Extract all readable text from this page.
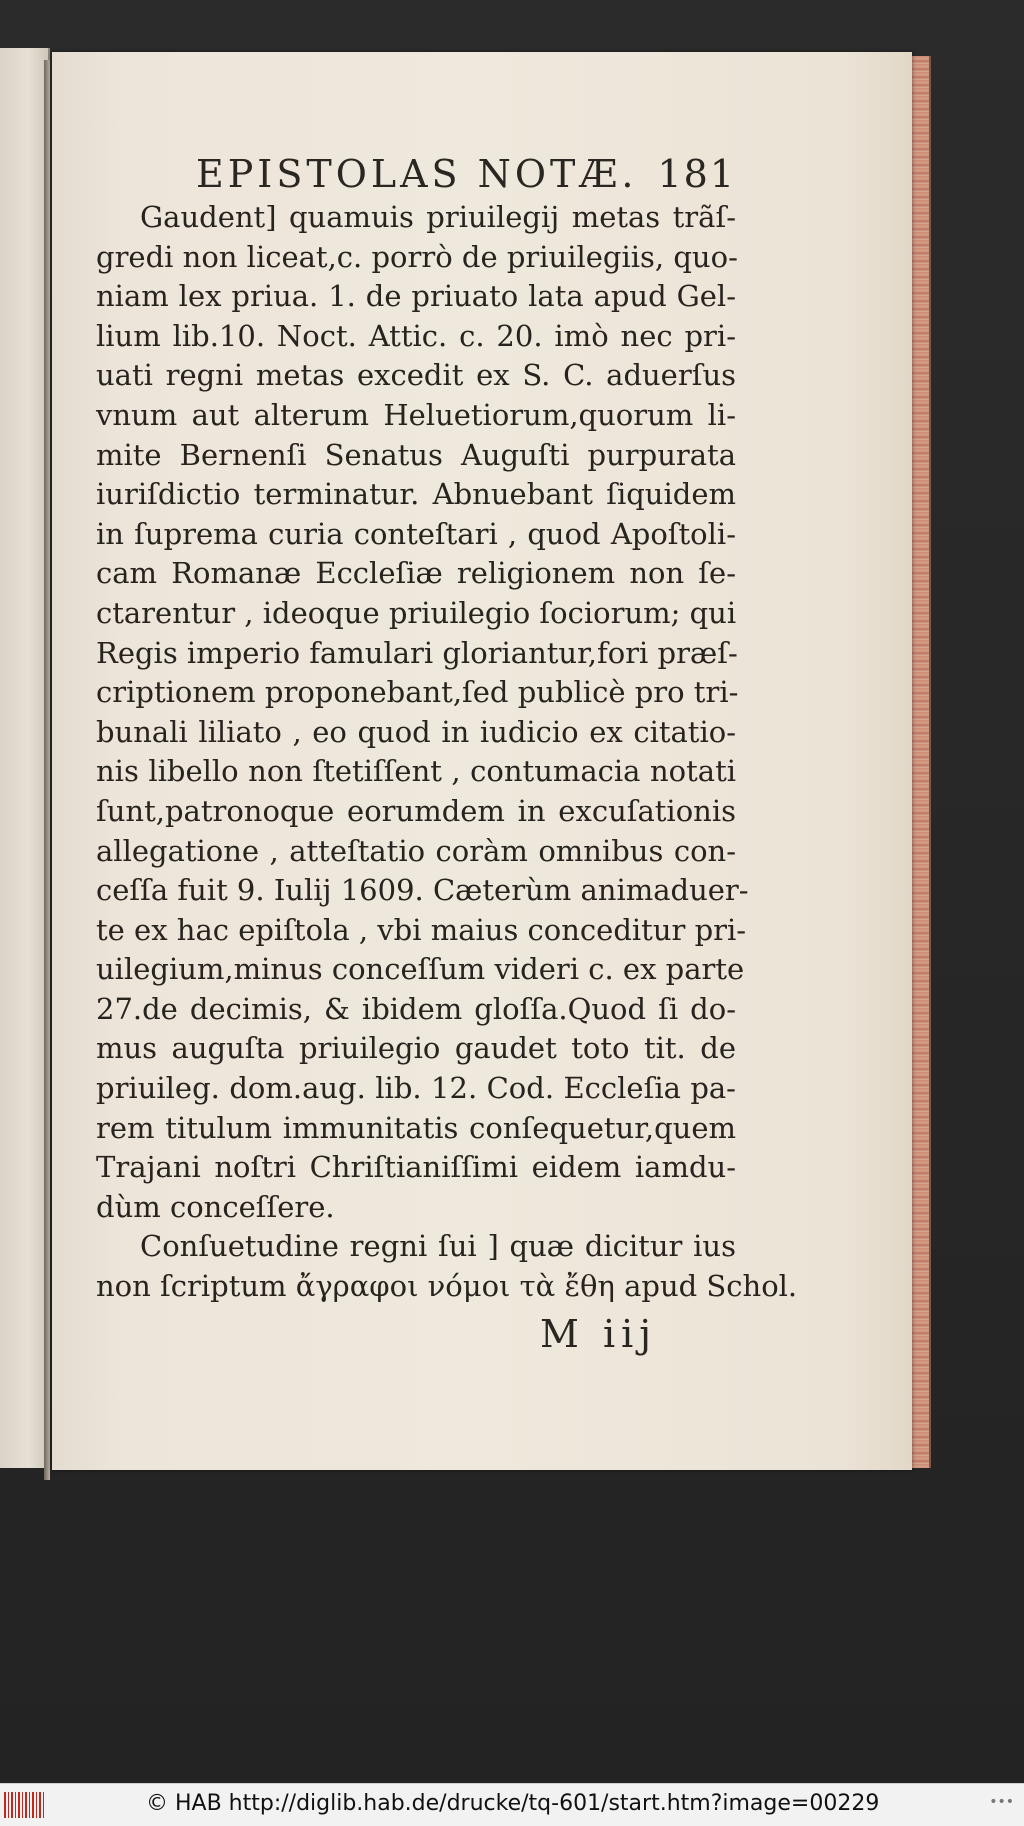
EPISTOLAS NOTÆ. 181
Gaudent] quamuis priuilegij metas trãſ-
gredi non liceat,c. porrò de priuilegiis, quo-
niam lex priua. 1. de priuato lata apud Gel-
lium lib.10. Noct. Attic. c. 20. imò nec pri-
uati regni metas excedit ex S. C. aduerſus
vnum aut alterum Heluetiorum,quorum li-
mite Bernenſi Senatus Auguſti purpurata
iuriſdictio terminatur. Abnuebant ſiquidem
in ſuprema curia conteſtari , quod Apoſtoli-
cam Romanæ Eccleſiæ religionem non ſe-
ctarentur , ideoque priuilegio ſociorum; qui
Regis imperio famulari gloriantur,fori præſ-
criptionem proponebant,ſed publicè pro tri-
bunali liliato , eo quod in iudicio ex citatio-
nis libello non ſtetiſſent , contumacia notati
ſunt,patronoque eorumdem in excuſationis
allegatione , atteſtatio coràm omnibus con-
ceſſa fuit 9. Iulij 1609. Cæterùm animaduer-
te ex hac epiſtola , vbi maius conceditur pri-
uilegium,minus conceſſum videri c. ex parte
27.de decimis, & ibidem gloſſa.Quod ſi do-
mus auguſta priuilegio gaudet toto tit. de
priuileg. dom.aug. lib. 12. Cod. Eccleſia pa-
rem titulum immunitatis conſequetur,quem
Trajani noſtri Chriſtianiſſimi eidem iamdu-
dùm conceſſere.
Conſuetudine regni ſui ] quæ dicitur ius
non ſcriptum ἄγραφοι νόμοι τὰ ἔθη apud Schol.
M iij
© HAB http://diglib.hab.de/drucke/tq-601/start.htm?image=00229	•••
